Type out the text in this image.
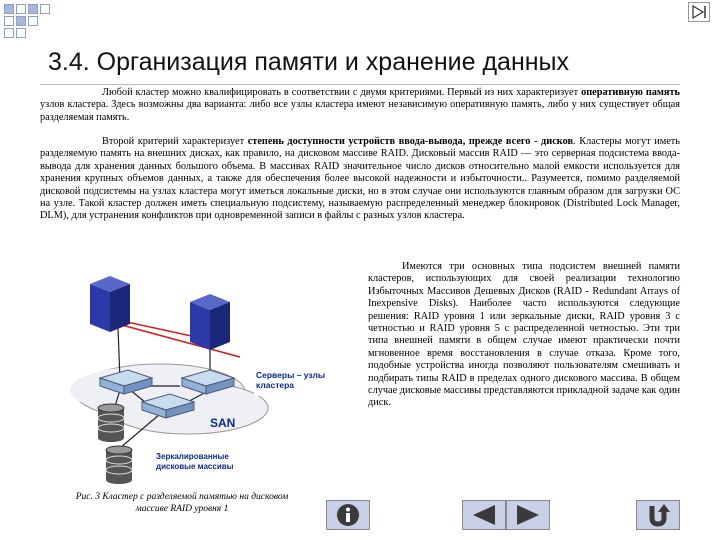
3.4. Организация памяти и хранение данных
Любой кластер можно квалифицировать в соответствии с двумя критериями. Первый из них характеризует оперативную память узлов кластера. Здесь возможны два варианта: либо все узлы кластера имеют независимую оперативную память, либо у них существует общая разделяемая память.
Второй критерий характеризует степень доступности устройств ввода-вывода, прежде всего - дисков. Кластеры могут иметь разделяемую память на внешних дисках, как правило, на дисковом массиве RAID. Дисковый массив RAID — это серверная подсистема ввода-вывода для хранения данных большого объема. В массивах RAID значительное число дисков относительно малой емкости используется для хранения крупных объемов данных, а также для обеспечения более высокой надежности и избыточности.. Разумеется, помимо разделяемой дисковой подсистемы на узлах кластера могут иметься локальные диски, но в этом случае они используются главным образом для загрузки ОС на узле. Такой кластер должен иметь специальную подсистему, называемую распределенный менеджер блокировок (Distributed Lock Manager, DLM), для устранения конфликтов при одновременной записи в файлы с разных узлов кластера.
Имеются три основных типа подсистем внешней памяти кластеров, использующих для своей реализации технологию Избыточных Массивов Дешевых Дисков (RAID - Redundant Arrays of Inexpensive Disks). Наиболее часто используются следующие решения: RAID уровня 1 или зеркальные диски, RAID уровня 3 с четностью и RAID уровня 5 с распределенной четностью. Эти три типа внешней памяти в общем случае имеют практически почти мгновенное время восстановления в случае отказа. Кроме того, подобные устройства иногда позволяют пользователям смешивать и подбирать типы RAID в пределах одного дискового массива. В общем случае дисковые массивы представляются прикладной задаче как один диск.
Серверы – узлы кластера
SAN
Зеркалированные дисковые массивы
Рис. 3 Кластер с разделяемой памятью на дисковом массиве RAID уровня 1
